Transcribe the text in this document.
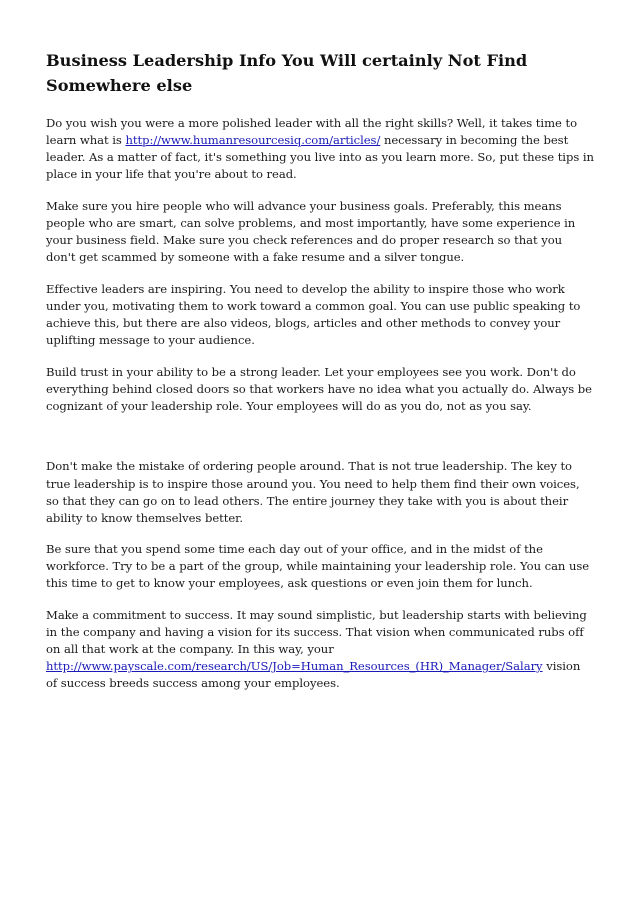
Business Leadership Info You Will certainly Not Find Somewhere else

Do you wish you were a more polished leader with all the right skills? Well, it takes time to learn what is http://www.humanresourcesiq.com/articles/ necessary in becoming the best leader. As a matter of fact, it's something you live into as you learn more. So, put these tips in place in your life that you're about to read.

Make sure you hire people who will advance your business goals. Preferably, this means people who are smart, can solve problems, and most importantly, have some experience in your business field. Make sure you check references and do proper research so that you don't get scammed by someone with a fake resume and a silver tongue.

Effective leaders are inspiring. You need to develop the ability to inspire those who work under you, motivating them to work toward a common goal. You can use public speaking to achieve this, but there are also videos, blogs, articles and other methods to convey your uplifting message to your audience.

Build trust in your ability to be a strong leader. Let your employees see you work. Don't do everything behind closed doors so that workers have no idea what you actually do. Always be cognizant of your leadership role. Your employees will do as you do, not as you say.

Don't make the mistake of ordering people around. That is not true leadership. The key to true leadership is to inspire those around you. You need to help them find their own voices, so that they can go on to lead others. The entire journey they take with you is about their ability to know themselves better.

Be sure that you spend some time each day out of your office, and in the midst of the workforce. Try to be a part of the group, while maintaining your leadership role. You can use this time to get to know your employees, ask questions or even join them for lunch.

Make a commitment to success. It may sound simplistic, but leadership starts with believing in the company and having a vision for its success. That vision when communicated rubs off on all that work at the company. In this way, your http://www.payscale.com/research/US/Job=Human_Resources_(HR)_Manager/Salary vision of success breeds success among your employees.
